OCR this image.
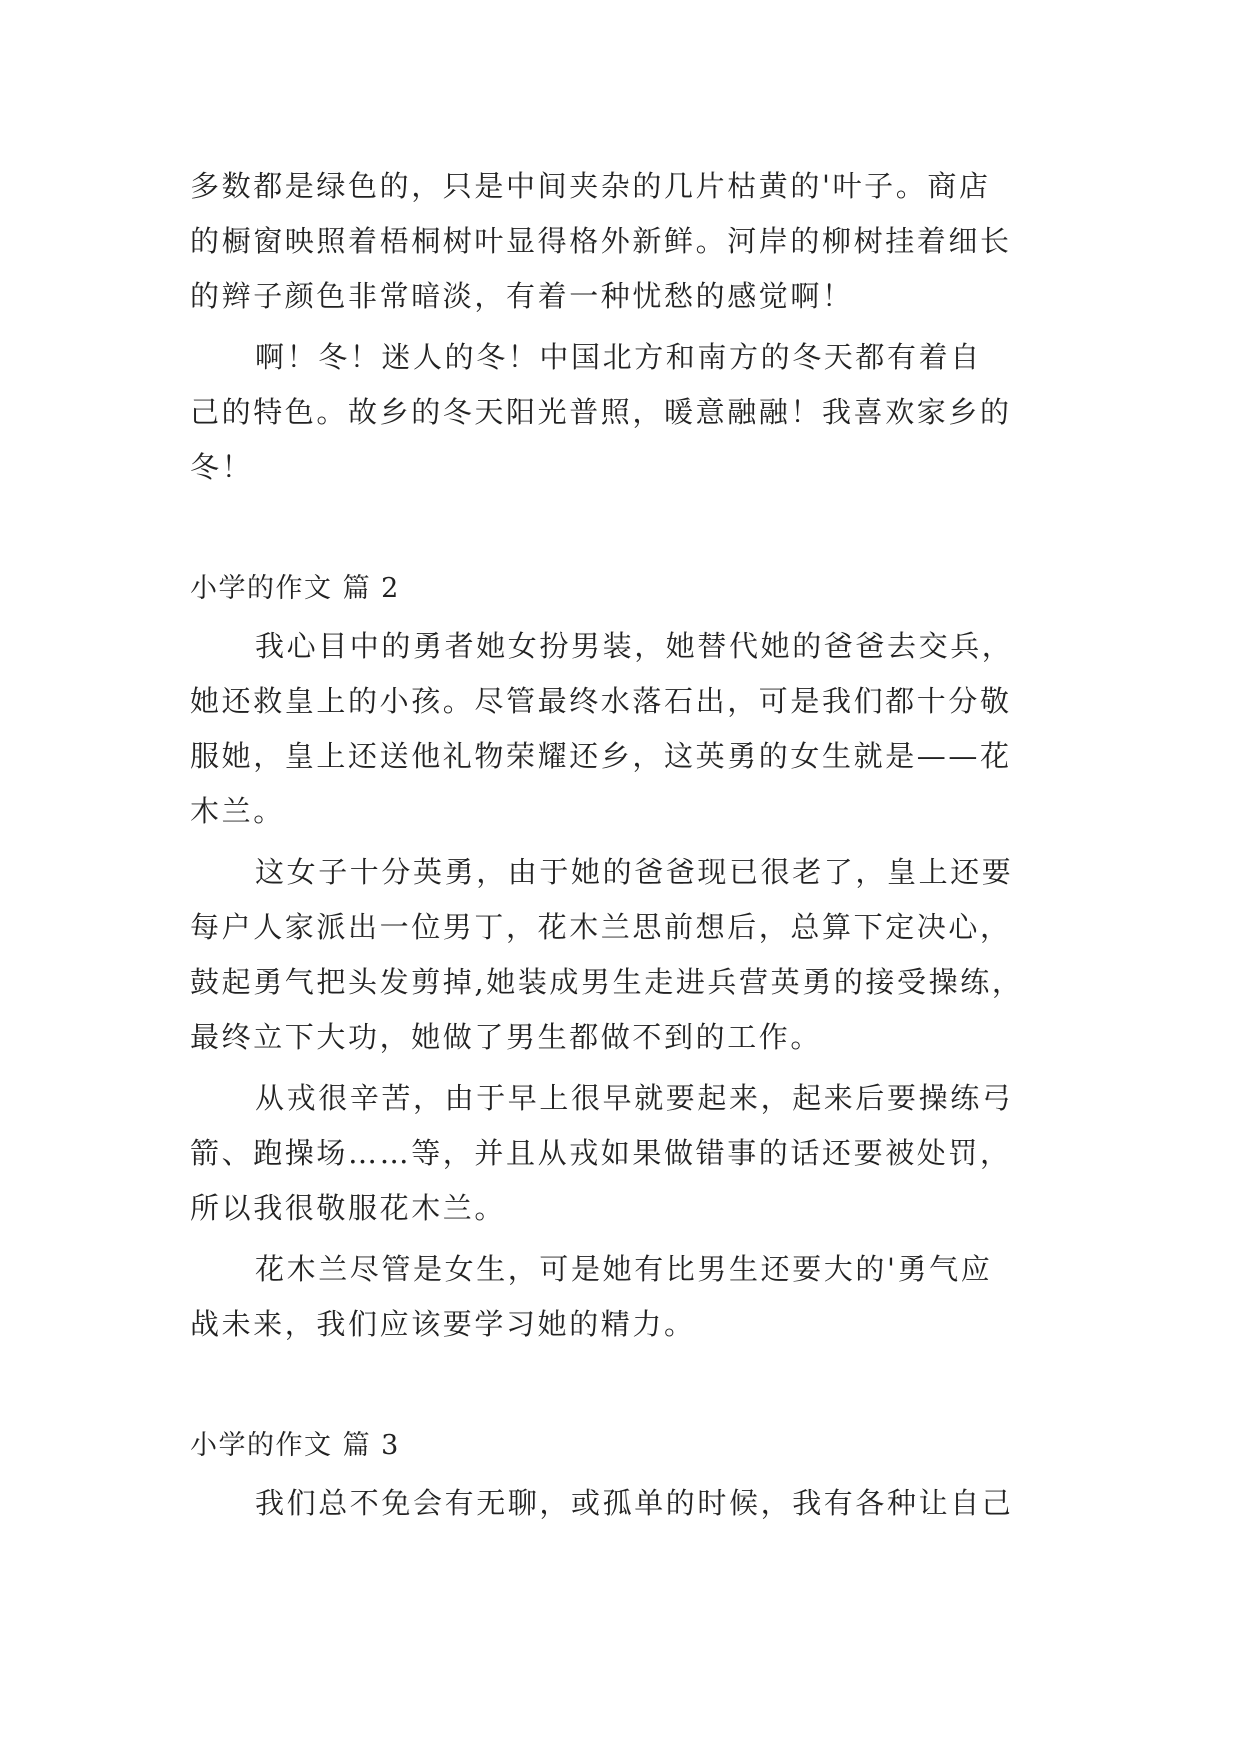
多数都是绿色的，只是中间夹杂的几片枯黄的'叶子。商店
的橱窗映照着梧桐树叶显得格外新鲜。河岸的柳树挂着细长
的辫子颜色非常暗淡，有着一种忧愁的感觉啊！
啊！冬！迷人的冬！中国北方和南方的冬天都有着自
己的特色。故乡的冬天阳光普照，暖意融融！我喜欢家乡的
冬！
小学的作文 篇 2
我心目中的勇者她女扮男装，她替代她的爸爸去交兵，
她还救皇上的小孩。尽管最终水落石出，可是我们都十分敬
服她，皇上还送他礼物荣耀还乡，这英勇的女生就是——花
木兰。
这女子十分英勇，由于她的爸爸现已很老了，皇上还要
每户人家派出一位男丁，花木兰思前想后，总算下定决心，
鼓起勇气把头发剪掉,她装成男生走进兵营英勇的接受操练，
最终立下大功，她做了男生都做不到的工作。
从戎很辛苦，由于早上很早就要起来，起来后要操练弓
箭、跑操场……等，并且从戎如果做错事的话还要被处罚，
所以我很敬服花木兰。
花木兰尽管是女生，可是她有比男生还要大的'勇气应
战未来，我们应该要学习她的精力。
小学的作文 篇 3
我们总不免会有无聊，或孤单的时候，我有各种让自己
